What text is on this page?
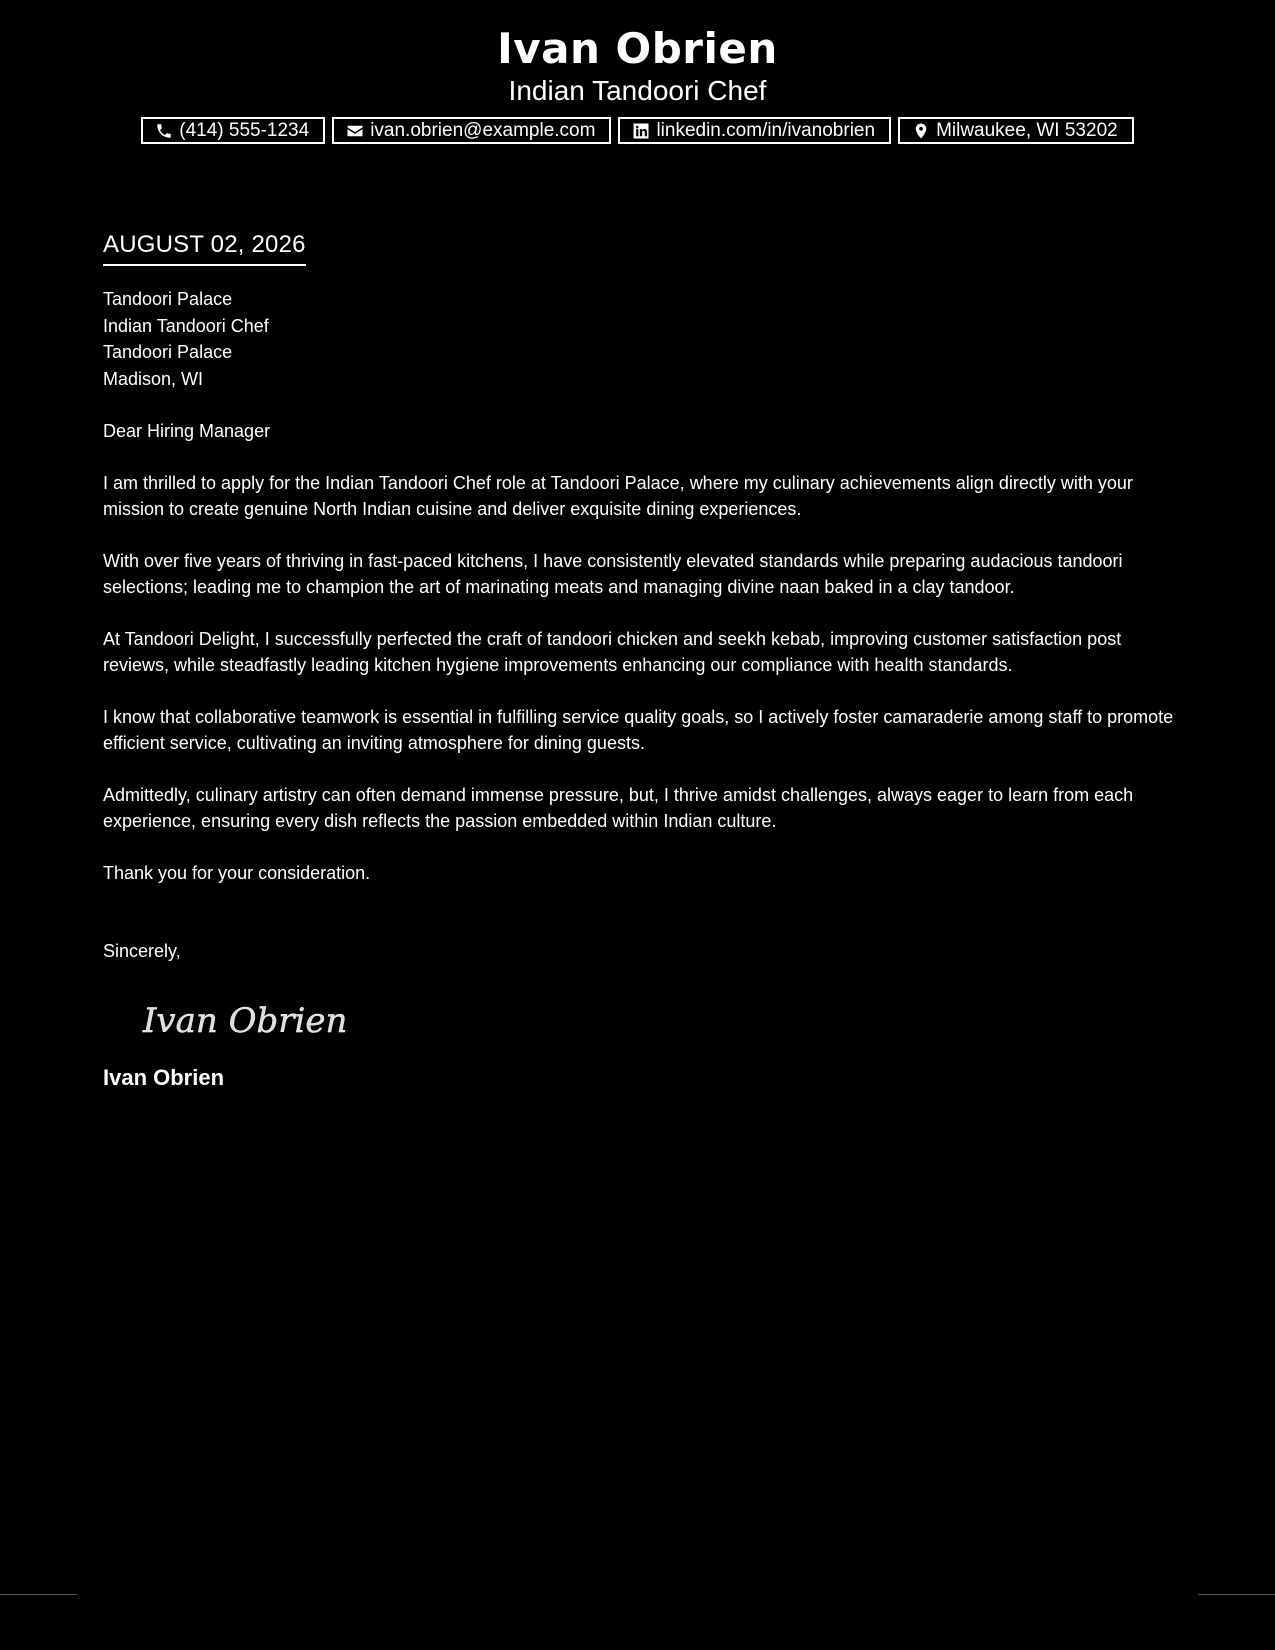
Ivan Obrien
Indian Tandoori Chef
(414) 555-1234	ivan.obrien@example.com	linkedin.com/in/ivanobrien	Milwaukee, WI 53202
AUGUST 02, 2026
Tandoori Palace
Indian Tandoori Chef
Tandoori Palace
Madison, WI
Dear Hiring Manager
I am thrilled to apply for the Indian Tandoori Chef role at Tandoori Palace, where my culinary achievements align directly with your mission to create genuine North Indian cuisine and deliver exquisite dining experiences.
With over five years of thriving in fast-paced kitchens, I have consistently elevated standards while preparing audacious tandoori selections; leading me to champion the art of marinating meats and managing divine naan baked in a clay tandoor.
At Tandoori Delight, I successfully perfected the craft of tandoori chicken and seekh kebab, improving customer satisfaction post reviews, while steadfastly leading kitchen hygiene improvements enhancing our compliance with health standards.
I know that collaborative teamwork is essential in fulfilling service quality goals, so I actively foster camaraderie among staff to promote efficient service, cultivating an inviting atmosphere for dining guests.
Admittedly, culinary artistry can often demand immense pressure, but, I thrive amidst challenges, always eager to learn from each experience, ensuring every dish reflects the passion embedded within Indian culture.
Thank you for your consideration.
Sincerely,
Ivan Obrien
Ivan Obrien
